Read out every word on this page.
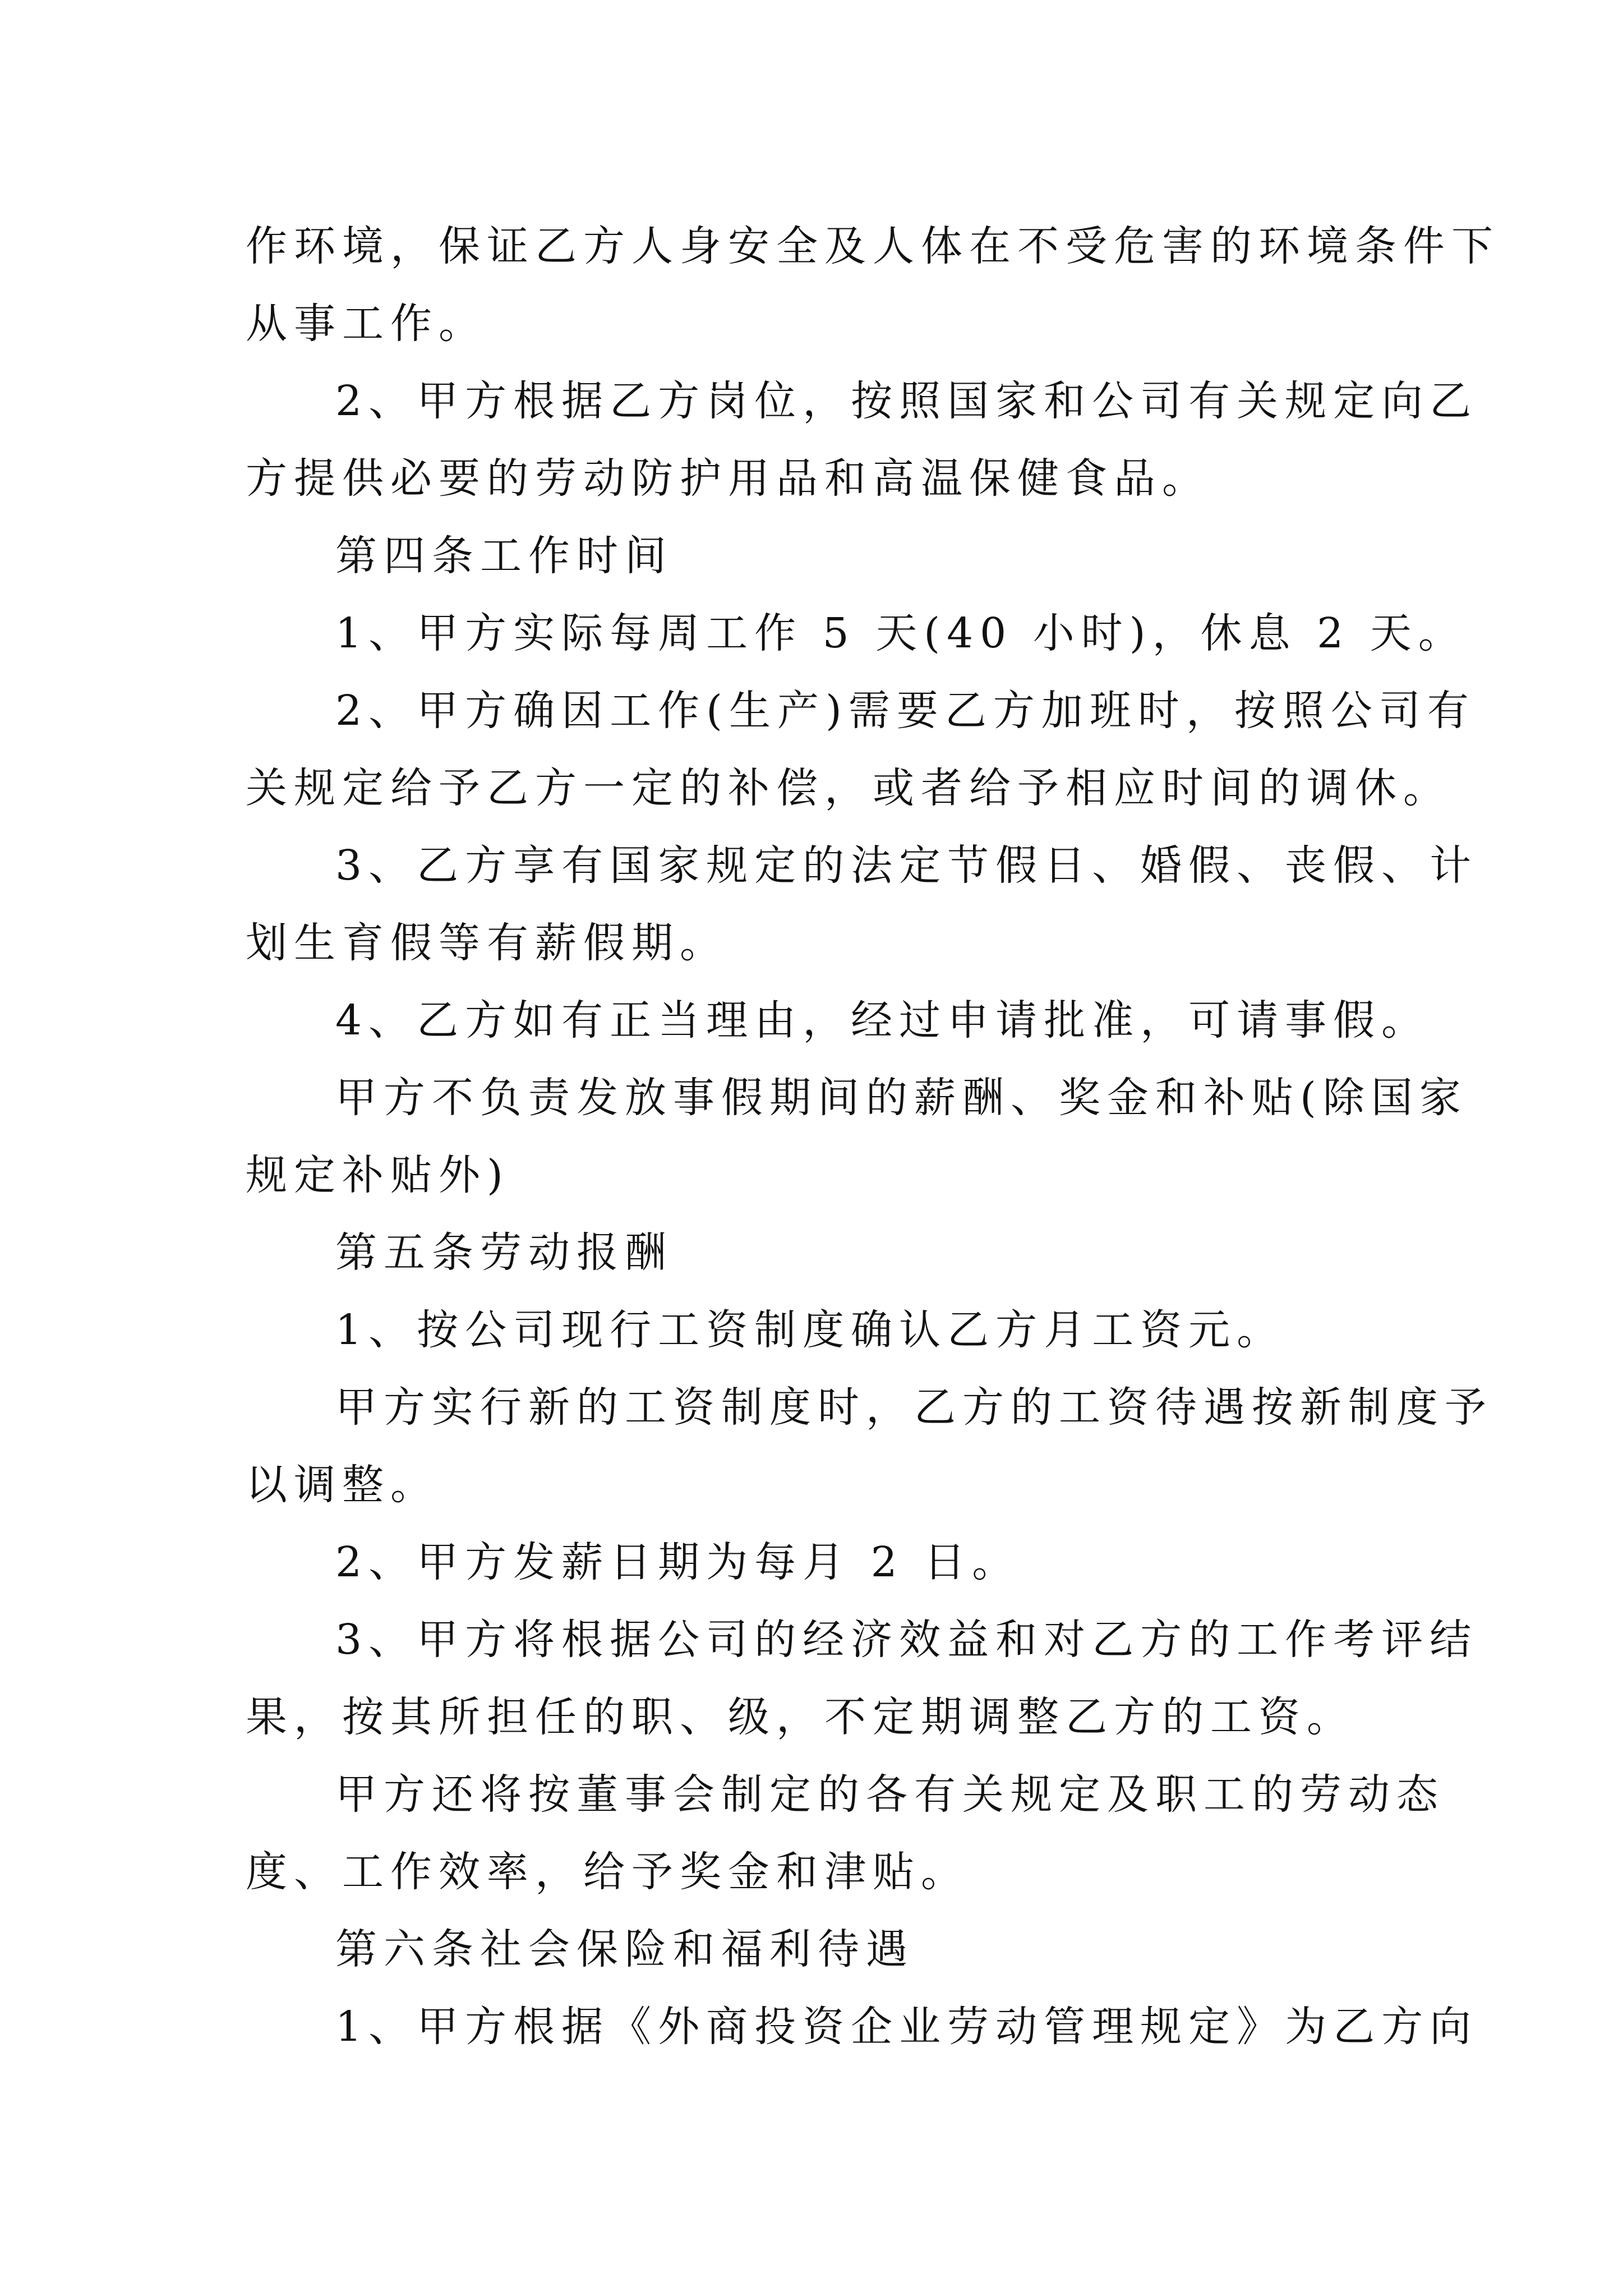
作环境，保证乙方人身安全及人体在不受危害的环境条件下
从事工作。
2、甲方根据乙方岗位，按照国家和公司有关规定向乙
方提供必要的劳动防护用品和高温保健食品。
第四条工作时间
1、甲方实际每周工作 5 天(40 小时)，休息 2 天。
2、甲方确因工作(生产)需要乙方加班时，按照公司有
关规定给予乙方一定的补偿，或者给予相应时间的调休。
3、乙方享有国家规定的法定节假日、婚假、丧假、计
划生育假等有薪假期。
4、乙方如有正当理由，经过申请批准，可请事假。
甲方不负责发放事假期间的薪酬、奖金和补贴(除国家
规定补贴外)
第五条劳动报酬
1、按公司现行工资制度确认乙方月工资元。
甲方实行新的工资制度时，乙方的工资待遇按新制度予
以调整。
2、甲方发薪日期为每月 2 日。
3、甲方将根据公司的经济效益和对乙方的工作考评结
果，按其所担任的职、级，不定期调整乙方的工资。
甲方还将按董事会制定的各有关规定及职工的劳动态
度、工作效率，给予奖金和津贴。
第六条社会保险和福利待遇
1、甲方根据《外商投资企业劳动管理规定》为乙方向
